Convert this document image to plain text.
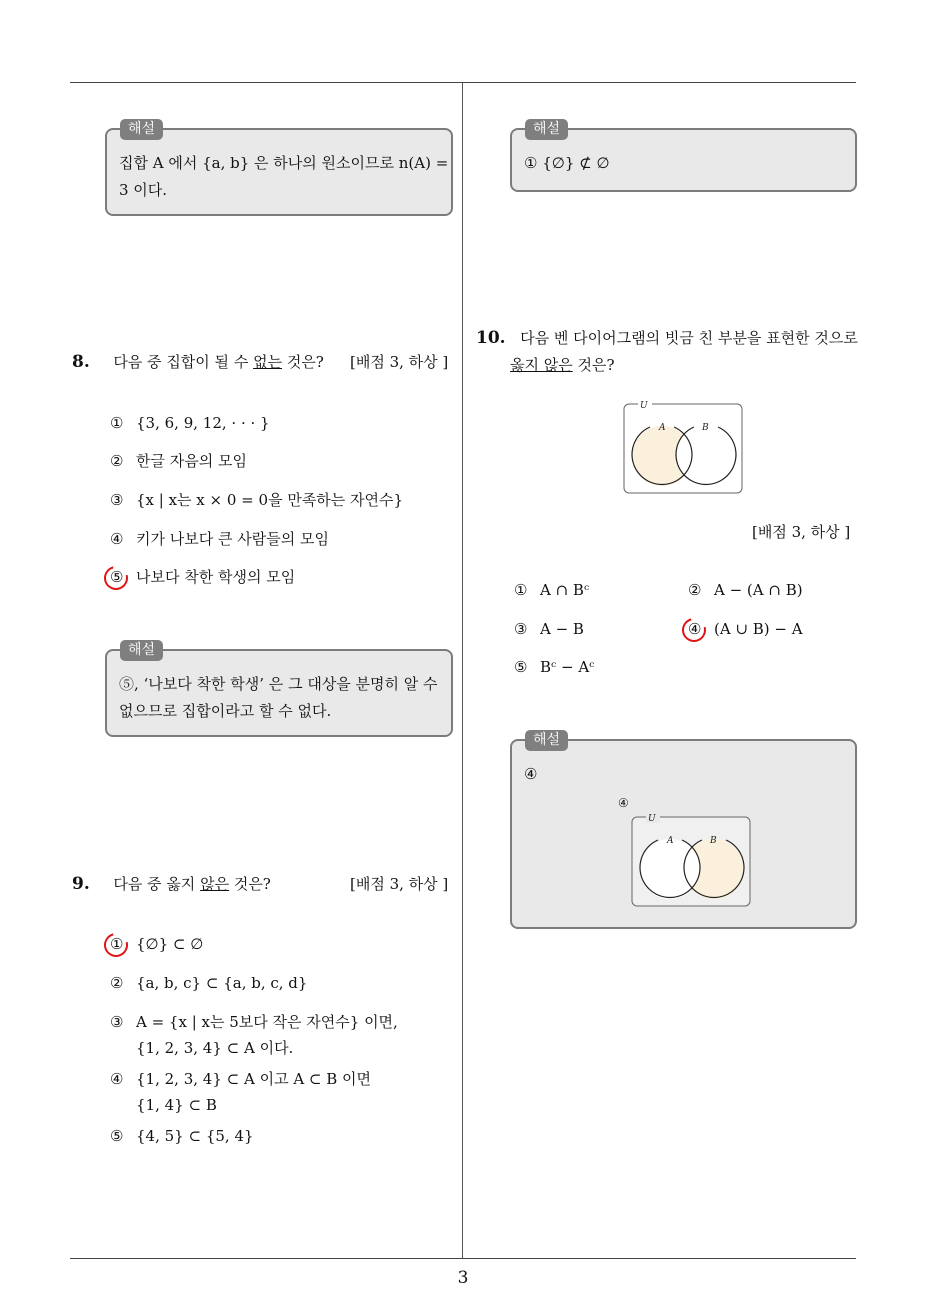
해설
집합 A 에서 {a, b} 은 하나의 원소이므로 n(A) =
3 이다.
8. 다음 중 집합이 될 수 없는 것은? [배점 3, 하상 ]
① {3, 6, 9, 12, · · · }
② 한글 자음의 모임
③ {x | x는 x × 0 = 0을 만족하는 자연수}
④ 키가 나보다 큰 사람들의 모임
⑤ 나보다 착한 학생의 모임
해설
⑤, ‘나보다 착한 학생’ 은 그 대상을 분명히 알 수
없으므로 집합이라고 할 수 없다.
9. 다음 중 옳지 않은 것은?	[배점 3, 하상 ]
① {∅} ⊂ ∅
② {a, b, c} ⊂ {a, b, c, d}
③ A = {x | x는 5보다 작은 자연수} 이면,
{1, 2, 3, 4} ⊂ A 이다.
④ {1, 2, 3, 4} ⊂ A 이고 A ⊂ B 이면
{1, 4} ⊂ B
⑤ {4, 5} ⊂ {5, 4}
해설
① {∅} ⊄ ∅
10. 다음 벤 다이어그램의 빗금 친 부분을 표현한 것으로
옳지 않은 것은?
U
A	B
[배점 3, 하상 ]
① A ∩ Bᶜ	② A − (A ∩ B)
③ A − B	④ (A ∪ B) − A
⑤ Bᶜ − Aᶜ
해설
④
④
U
A	B
3
